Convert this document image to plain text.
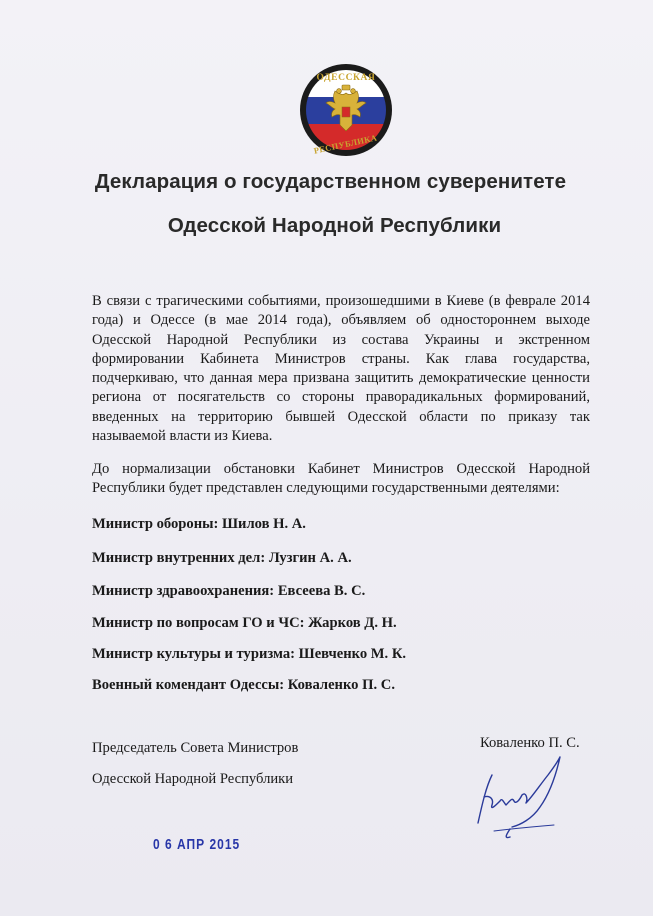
ОДЕССКАЯ
РЕСПУБЛИКА
Декларация о государственном суверенитете
Одесской Народной Республики
В связи с трагическими событиями, произошедшими в Киеве (в феврале 2014 года) и Одессе (в мае 2014 года), объявляем об одностороннем выходе Одесской Народной Республики из состава Украины и экстренном формировании Кабинета Министров страны. Как глава государства, подчеркиваю, что данная мера призвана защитить демократические ценности региона от посягательств со стороны праворадикальных формирований, введенных на территорию бывшей Одесской области по приказу так называемой власти из Киева.
До нормализации обстановки Кабинет Министров Одесской Народной Республики будет представлен следующими государственными деятелями:
Министр обороны: Шилов Н. А.
Министр внутренних дел: Лузгин А. А.
Министр здравоохранения: Евсеева В. С.
Министр по вопросам ГО и ЧС: Жарков Д. Н.
Министр культуры и туризма: Шевченко М. К.
Военный комендант Одессы: Коваленко П. С.
Председатель Совета Министров
Одесской Народной Республики
Коваленко П. С.
0 6 АПР 2015
